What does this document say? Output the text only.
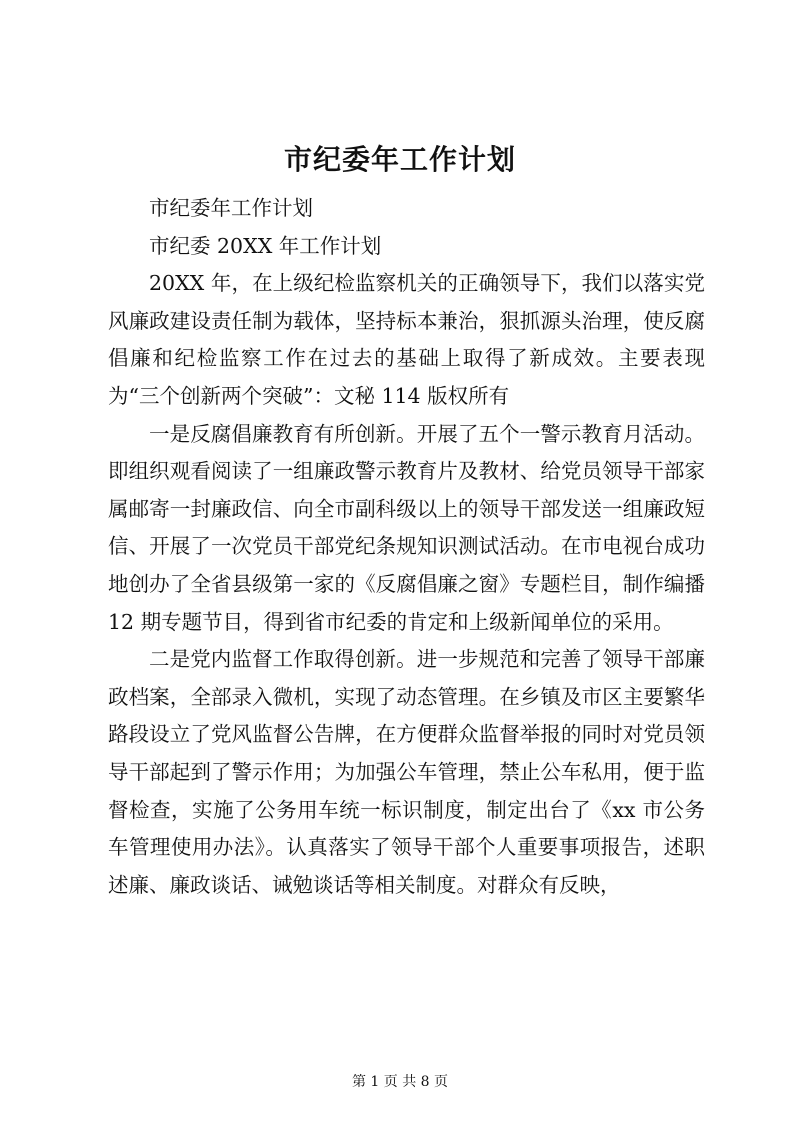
市纪委年工作计划

市纪委年工作计划

市纪委 20XX 年工作计划

20XX 年，在上级纪检监察机关的正确领导下，我们以落实党风廉政建设责任制为载体，坚持标本兼治，狠抓源头治理，使反腐倡廉和纪检监察工作在过去的基础上取得了新成效。主要表现为“三个创新两个突破”：文秘 114 版权所有

一是反腐倡廉教育有所创新。开展了五个一警示教育月活动。即组织观看阅读了一组廉政警示教育片及教材、给党员领导干部家属邮寄一封廉政信、向全市副科级以上的领导干部发送一组廉政短信、开展了一次党员干部党纪条规知识测试活动。在市电视台成功地创办了全省县级第一家的《反腐倡廉之窗》专题栏目，制作编播 12 期专题节目，得到省市纪委的肯定和上级新闻单位的采用。

二是党内监督工作取得创新。进一步规范和完善了领导干部廉政档案，全部录入微机，实现了动态管理。在乡镇及市区主要繁华路段设立了党风监督公告牌，在方便群众监督举报的同时对党员领导干部起到了警示作用；为加强公车管理，禁止公车私用，便于监督检查，实施了公务用车统一标识制度，制定出台了《xx 市公务车管理使用办法》。认真落实了领导干部个人重要事项报告，述职述廉、廉政谈话、诫勉谈话等相关制度。对群众有反映，

第 1 页 共 8 页
